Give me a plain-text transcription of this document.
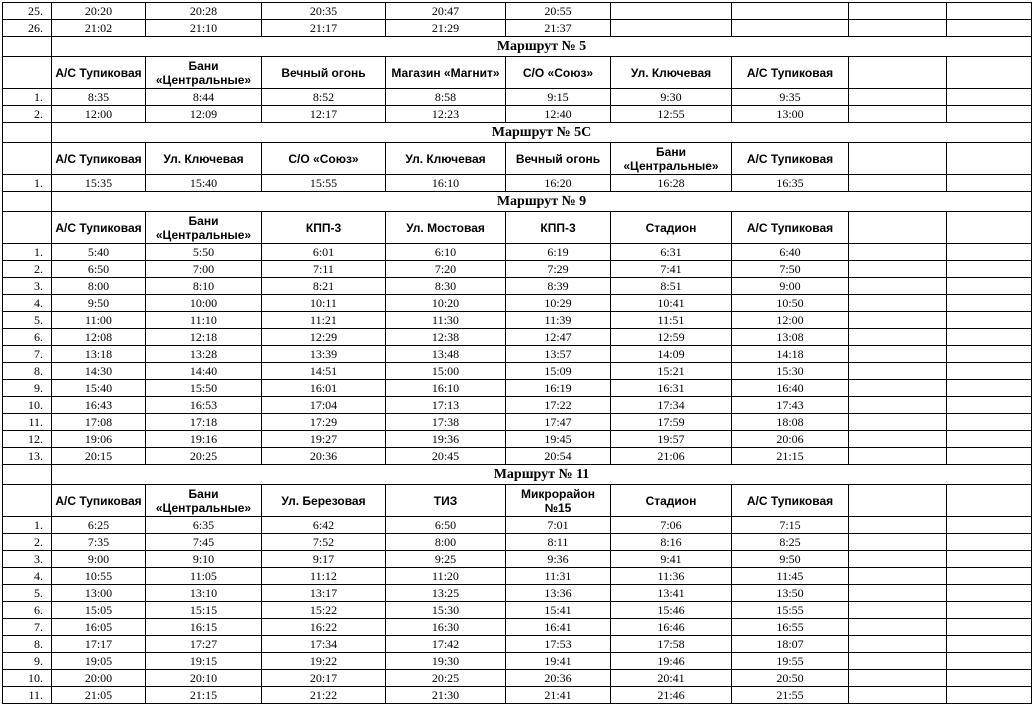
25.	20:20	20:28	20:35	20:47	20:55				
26.	21:02	21:10	21:17	21:29	21:37				
	Маршрут № 5								
	А/С Тупиковая	Бани «Центральные»	Вечный огонь	Магазин «Магнит»	С/О «Союз»	Ул. Ключевая	А/С Тупиковая		
1.	8:35	8:44	8:52	8:58	9:15	9:30	9:35		
2.	12:00	12:09	12:17	12:23	12:40	12:55	13:00		
	Маршрут № 5С								
	А/С Тупиковая	Ул. Ключевая	С/О «Союз»	Ул. Ключевая	Вечный огонь	Бани «Центральные»	А/С Тупиковая		
1.	15:35	15:40	15:55	16:10	16:20	16:28	16:35		
	Маршрут № 9								
	А/С Тупиковая	Бани «Центральные»	КПП-3	Ул. Мостовая	КПП-3	Стадион	А/С Тупиковая		
1.	5:40	5:50	6:01	6:10	6:19	6:31	6:40		
2.	6:50	7:00	7:11	7:20	7:29	7:41	7:50		
3.	8:00	8:10	8:21	8:30	8:39	8:51	9:00		
4.	9:50	10:00	10:11	10:20	10:29	10:41	10:50		
5.	11:00	11:10	11:21	11:30	11:39	11:51	12:00		
6.	12:08	12:18	12:29	12:38	12:47	12:59	13:08		
7.	13:18	13:28	13:39	13:48	13:57	14:09	14:18		
8.	14:30	14:40	14:51	15:00	15:09	15:21	15:30		
9.	15:40	15:50	16:01	16:10	16:19	16:31	16:40		
10.	16:43	16:53	17:04	17:13	17:22	17:34	17:43		
11.	17:08	17:18	17:29	17:38	17:47	17:59	18:08		
12.	19:06	19:16	19:27	19:36	19:45	19:57	20:06		
13.	20:15	20:25	20:36	20:45	20:54	21:06	21:15		
	Маршрут № 11								
	А/С Тупиковая	Бани «Центральные»	Ул. Березовая	ТИЗ	Микрорайон №15	Стадион	А/С Тупиковая		
1.	6:25	6:35	6:42	6:50	7:01	7:06	7:15		
2.	7:35	7:45	7:52	8:00	8:11	8:16	8:25		
3.	9:00	9:10	9:17	9:25	9:36	9:41	9:50		
4.	10:55	11:05	11:12	11:20	11:31	11:36	11:45		
5.	13:00	13:10	13:17	13:25	13:36	13:41	13:50		
6.	15:05	15:15	15:22	15:30	15:41	15:46	15:55		
7.	16:05	16:15	16:22	16:30	16:41	16:46	16:55		
8.	17:17	17:27	17:34	17:42	17:53	17:58	18:07		
9.	19:05	19:15	19:22	19:30	19:41	19:46	19:55		
10.	20:00	20:10	20:17	20:25	20:36	20:41	20:50		
11.	21:05	21:15	21:22	21:30	21:41	21:46	21:55		
